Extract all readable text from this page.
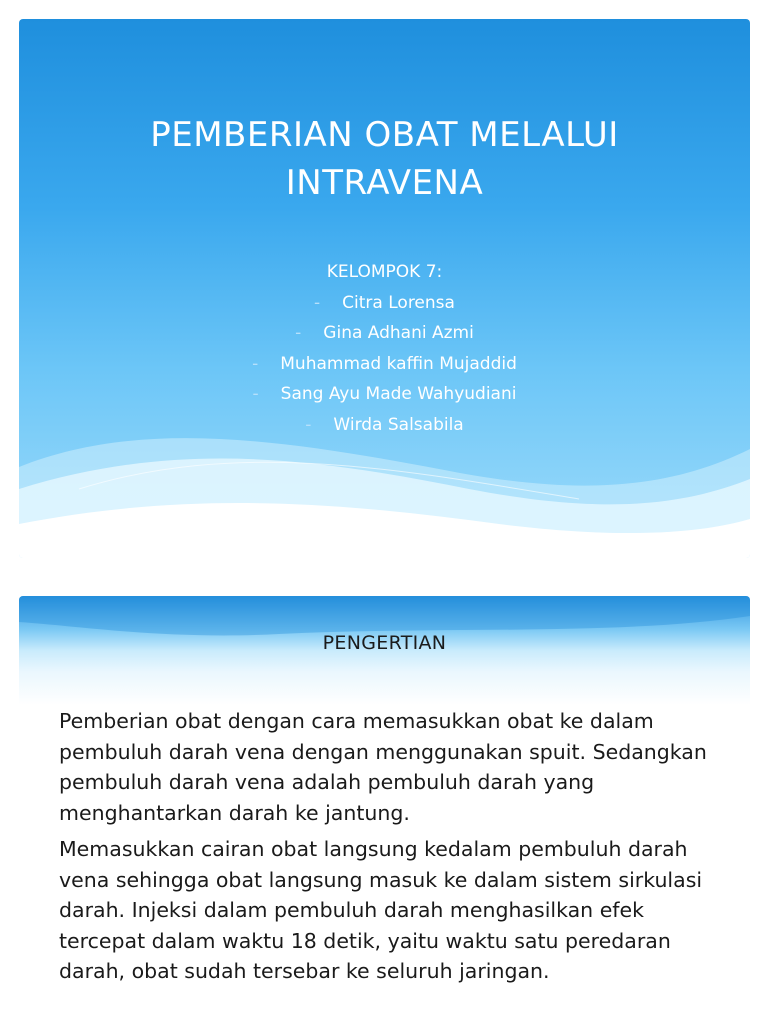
PEMBERIAN OBAT MELALUI
INTRAVENA
KELOMPOK 7:
- Citra Lorensa
- Gina Adhani Azmi
- Muhammad kaffin Mujaddid
- Sang Ayu Made Wahyudiani
- Wirda Salsabila
PENGERTIAN

Pemberian obat dengan cara memasukkan obat ke dalam pembuluh darah vena dengan menggunakan spuit. Sedangkan pembuluh darah vena adalah pembuluh darah yang menghantarkan darah ke jantung.

Memasukkan cairan obat langsung kedalam pembuluh darah vena sehingga obat langsung masuk ke dalam sistem sirkulasi darah. Injeksi dalam pembuluh darah menghasilkan efek tercepat dalam waktu 18 detik, yaitu waktu satu peredaran darah, obat sudah tersebar ke seluruh jaringan.
